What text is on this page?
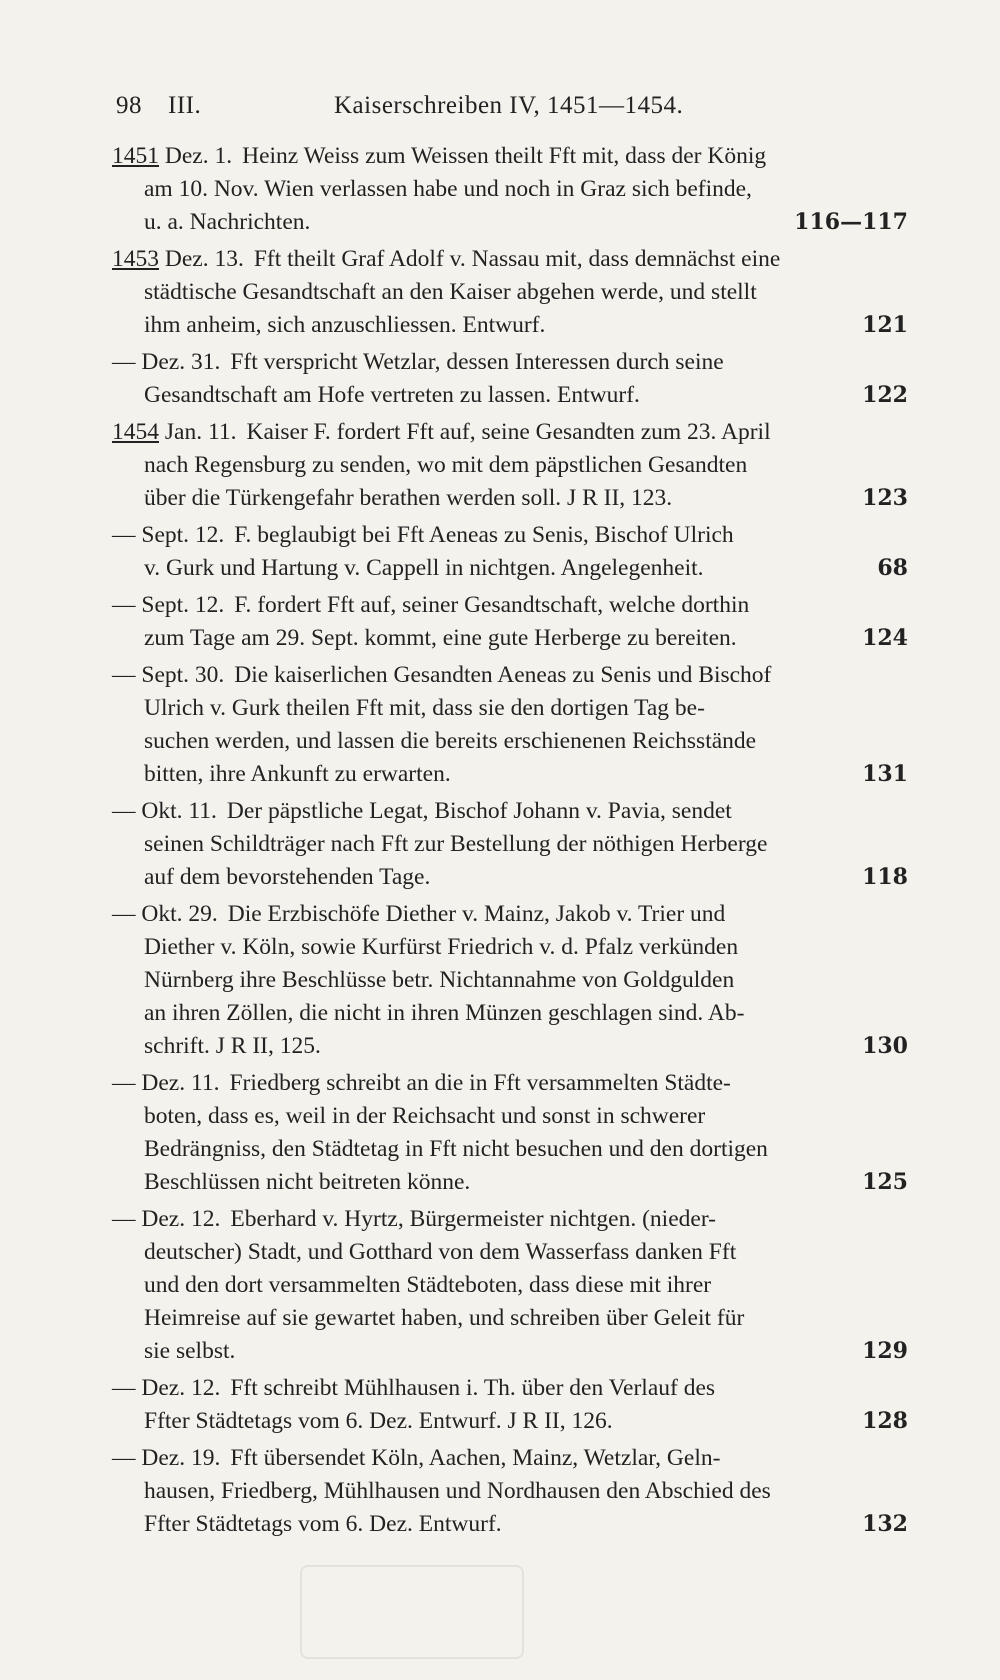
98 III.	Kaiserschreiben IV, 1451—1454.
1451 Dez. 1. Heinz Weiss zum Weissen theilt Fft mit, dass der König
am 10. Nov. Wien verlassen habe und noch in Graz sich befinde,
u. a. Nachrichten.	116—117
1453 Dez. 13. Fft theilt Graf Adolf v. Nassau mit, dass demnächst eine
städtische Gesandtschaft an den Kaiser abgehen werde, und stellt
ihm anheim, sich anzuschliessen. Entwurf.	121
— Dez. 31. Fft verspricht Wetzlar, dessen Interessen durch seine
Gesandtschaft am Hofe vertreten zu lassen. Entwurf.	122
1454 Jan. 11. Kaiser F. fordert Fft auf, seine Gesandten zum 23. April
nach Regensburg zu senden, wo mit dem päpstlichen Gesandten
über die Türkengefahr berathen werden soll. J R II, 123.	123
— Sept. 12. F. beglaubigt bei Fft Aeneas zu Senis, Bischof Ulrich
v. Gurk und Hartung v. Cappell in nichtgen. Angelegenheit.	68
— Sept. 12. F. fordert Fft auf, seiner Gesandtschaft, welche dorthin
zum Tage am 29. Sept. kommt, eine gute Herberge zu bereiten.	124
— Sept. 30. Die kaiserlichen Gesandten Aeneas zu Senis und Bischof
Ulrich v. Gurk theilen Fft mit, dass sie den dortigen Tag be-
suchen werden, und lassen die bereits erschienenen Reichsstände
bitten, ihre Ankunft zu erwarten.	131
— Okt. 11. Der päpstliche Legat, Bischof Johann v. Pavia, sendet
seinen Schildträger nach Fft zur Bestellung der nöthigen Herberge
auf dem bevorstehenden Tage.	118
— Okt. 29. Die Erzbischöfe Diether v. Mainz, Jakob v. Trier und
Diether v. Köln, sowie Kurfürst Friedrich v. d. Pfalz verkünden
Nürnberg ihre Beschlüsse betr. Nichtannahme von Goldgulden
an ihren Zöllen, die nicht in ihren Münzen geschlagen sind. Ab-
schrift. J R II, 125.	130
— Dez. 11. Friedberg schreibt an die in Fft versammelten Städte-
boten, dass es, weil in der Reichsacht und sonst in schwerer
Bedrängniss, den Städtetag in Fft nicht besuchen und den dortigen
Beschlüssen nicht beitreten könne.	125
— Dez. 12. Eberhard v. Hyrtz, Bürgermeister nichtgen. (nieder-
deutscher) Stadt, und Gotthard von dem Wasserfass danken Fft
und den dort versammelten Städteboten, dass diese mit ihrer
Heimreise auf sie gewartet haben, und schreiben über Geleit für
sie selbst.	129
— Dez. 12. Fft schreibt Mühlhausen i. Th. über den Verlauf des
Ffter Städtetags vom 6. Dez. Entwurf. J R II, 126.	128
— Dez. 19. Fft übersendet Köln, Aachen, Mainz, Wetzlar, Geln-
hausen, Friedberg, Mühlhausen und Nordhausen den Abschied des
Ffter Städtetags vom 6. Dez. Entwurf.	132
